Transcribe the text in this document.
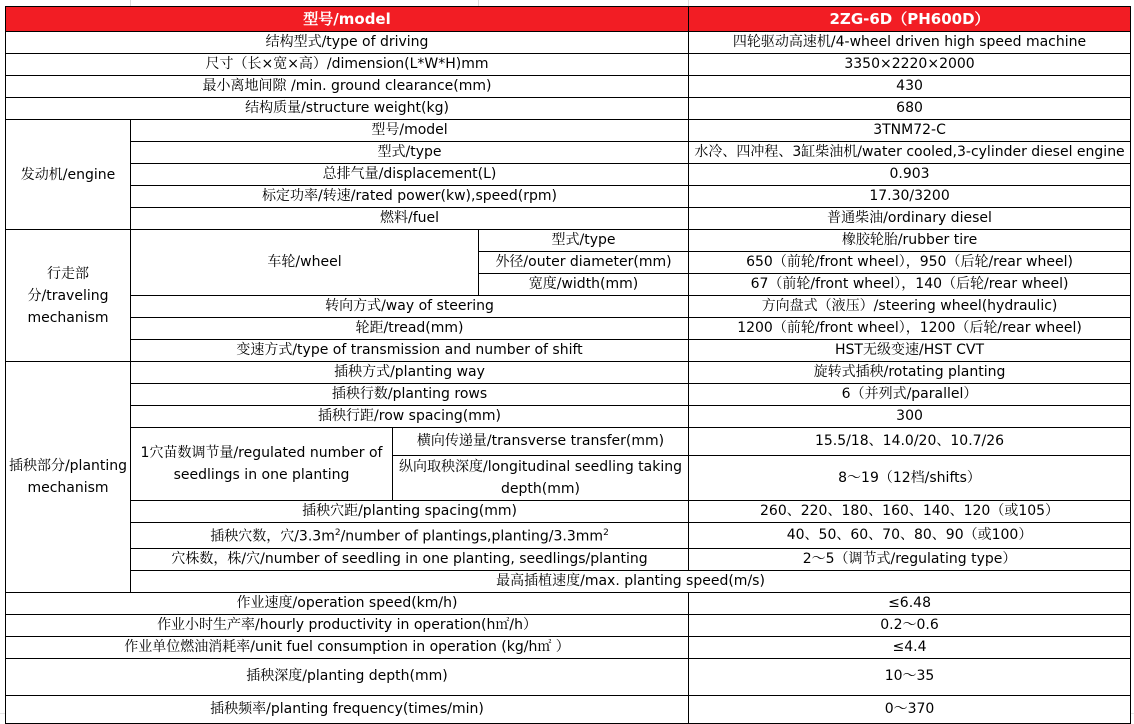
型号/model				2ZG-6D（PH600D）	
结构型式/type of driving				四轮驱动高速机/4-wheel driven high speed machine	
尺寸（长×宽×高）/dimension(L*W*H)mm				3350×2220×2000	
最小离地间隙 /min. ground clearance(mm)				430	
结构质量/structure weight(kg)				680	
发动机/engine	型号/model			3TNM72-C	
	型式/type			水冷、四冲程、3缸柴油机/water cooled,3-cylinder diesel engine	
	总排气量/displacement(L)			0.903	
	标定功率/转速/rated power(kw),speed(rpm)			17.30/3200	
	燃料/fuel			普通柴油/ordinary diesel	
行走部分/traveling mechanism	车轮/wheel		型式/type	橡胶轮胎/rubber tire	
			外径/outer diameter(mm)	650（前轮/front wheel），950（后轮/rear wheel)	
			宽度/width(mm)	67（前轮/front wheel），140（后轮/rear wheel)	
	转向方式/way of steering			方向盘式（液压）/steering wheel(hydraulic)	
	轮距/tread(mm)			1200（前轮/front wheel），1200（后轮/rear wheel)	
	变速方式/type of transmission and number of shift			HST无级变速/HST CVT	
插秧部分/planting mechanism	插秧方式/planting way			旋转式插秧/rotating planting	
	插秧行数/planting rows			6（并列式/parallel）	
	插秧行距/row spacing(mm)			300	
	1穴苗数调节量/regulated number of seedlings in one planting	横向传递量/transverse transfer(mm)		15.5/18、14.0/20、10.7/26	
		纵向取秧深度/longitudinal seedling taking depth(mm)		8～19（12档/shifts）	
	插秧穴距/planting spacing(mm)			260、220、180、160、140、120（或105）	
	插秧穴数，穴$/3.3m^2$/number of $plantings,planting/3.3mm^2$			40、50、60、70、80、90（或100）	
	穴株数，株/穴/number of seedling in one planting, seedlings/planting			2～5（调节式/regulating type）	
	最高插植速度/max. planting speed(m/s)	
作业速度/operation speed(km/h)				≤6.48	
作业小时生产率/hourly productivity in operation(h㎡/h）				0.2～0.6	
作业单位燃油消耗率/unit fuel consumption in operation (kg/h㎡ ）				≤4.4	
插秧深度/planting depth(mm)				10～35	
插秧频率/planting frequency(times/min)				0～370	
